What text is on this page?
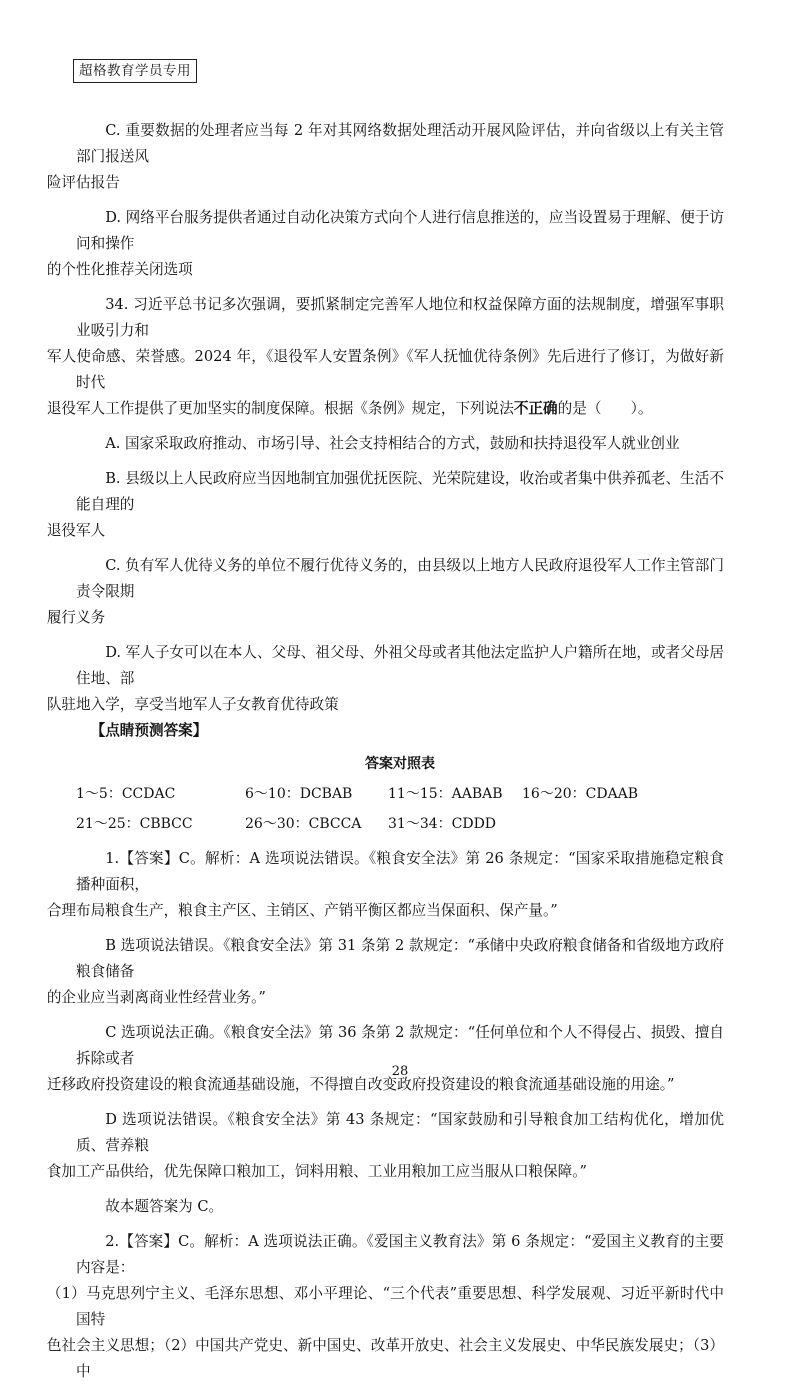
超格教育学员专用

C. 重要数据的处理者应当每 2 年对其网络数据处理活动开展风险评估，并向省级以上有关主管部门报送风
险评估报告

D. 网络平台服务提供者通过自动化决策方式向个人进行信息推送的，应当设置易于理解、便于访问和操作
的个性化推荐关闭选项

34. 习近平总书记多次强调，要抓紧制定完善军人地位和权益保障方面的法规制度，增强军事职业吸引力和
军人使命感、荣誉感。2024 年，《退役军人安置条例》《军人抚恤优待条例》先后进行了修订，为做好新时代
退役军人工作提供了更加坚实的制度保障。根据《条例》规定，下列说法不正确的是（　　）。

A. 国家采取政府推动、市场引导、社会支持相结合的方式，鼓励和扶持退役军人就业创业

B. 县级以上人民政府应当因地制宜加强优抚医院、光荣院建设，收治或者集中供养孤老、生活不能自理的
退役军人

C. 负有军人优待义务的单位不履行优待义务的，由县级以上地方人民政府退役军人工作主管部门责令限期
履行义务

D. 军人子女可以在本人、父母、祖父母、外祖父母或者其他法定监护人户籍所在地，或者父母居住地、部
队驻地入学，享受当地军人子女教育优待政策

【点睛预测答案】

答案对照表
1～5：CCDAC	6～10：DCBAB	11～15：AABAB	16～20：CDAAB
21～25：CBBCC	26～30：CBCCA	31～34：CDDD

1.【答案】C。解析：A 选项说法错误。《粮食安全法》第 26 条规定：“国家采取措施稳定粮食播种面积，
合理布局粮食生产，粮食主产区、主销区、产销平衡区都应当保面积、保产量。”

B 选项说法错误。《粮食安全法》第 31 条第 2 款规定：“承储中央政府粮食储备和省级地方政府粮食储备
的企业应当剥离商业性经营业务。”

C 选项说法正确。《粮食安全法》第 36 条第 2 款规定：“任何单位和个人不得侵占、损毁、擅自拆除或者
迁移政府投资建设的粮食流通基础设施，不得擅自改变政府投资建设的粮食流通基础设施的用途。”

D 选项说法错误。《粮食安全法》第 43 条规定：“国家鼓励和引导粮食加工结构优化，增加优质、营养粮
食加工产品供给，优先保障口粮加工，饲料用粮、工业用粮加工应当服从口粮保障。”

故本题答案为 C。

2.【答案】C。解析：A 选项说法正确。《爱国主义教育法》第 6 条规定：“爱国主义教育的主要内容是：
（1）马克思列宁主义、毛泽东思想、邓小平理论、“三个代表”重要思想、科学发展观、习近平新时代中国特
色社会主义思想；（2）中国共产党史、新中国史、改革开放史、社会主义发展史、中华民族发展史；（3）中

28
